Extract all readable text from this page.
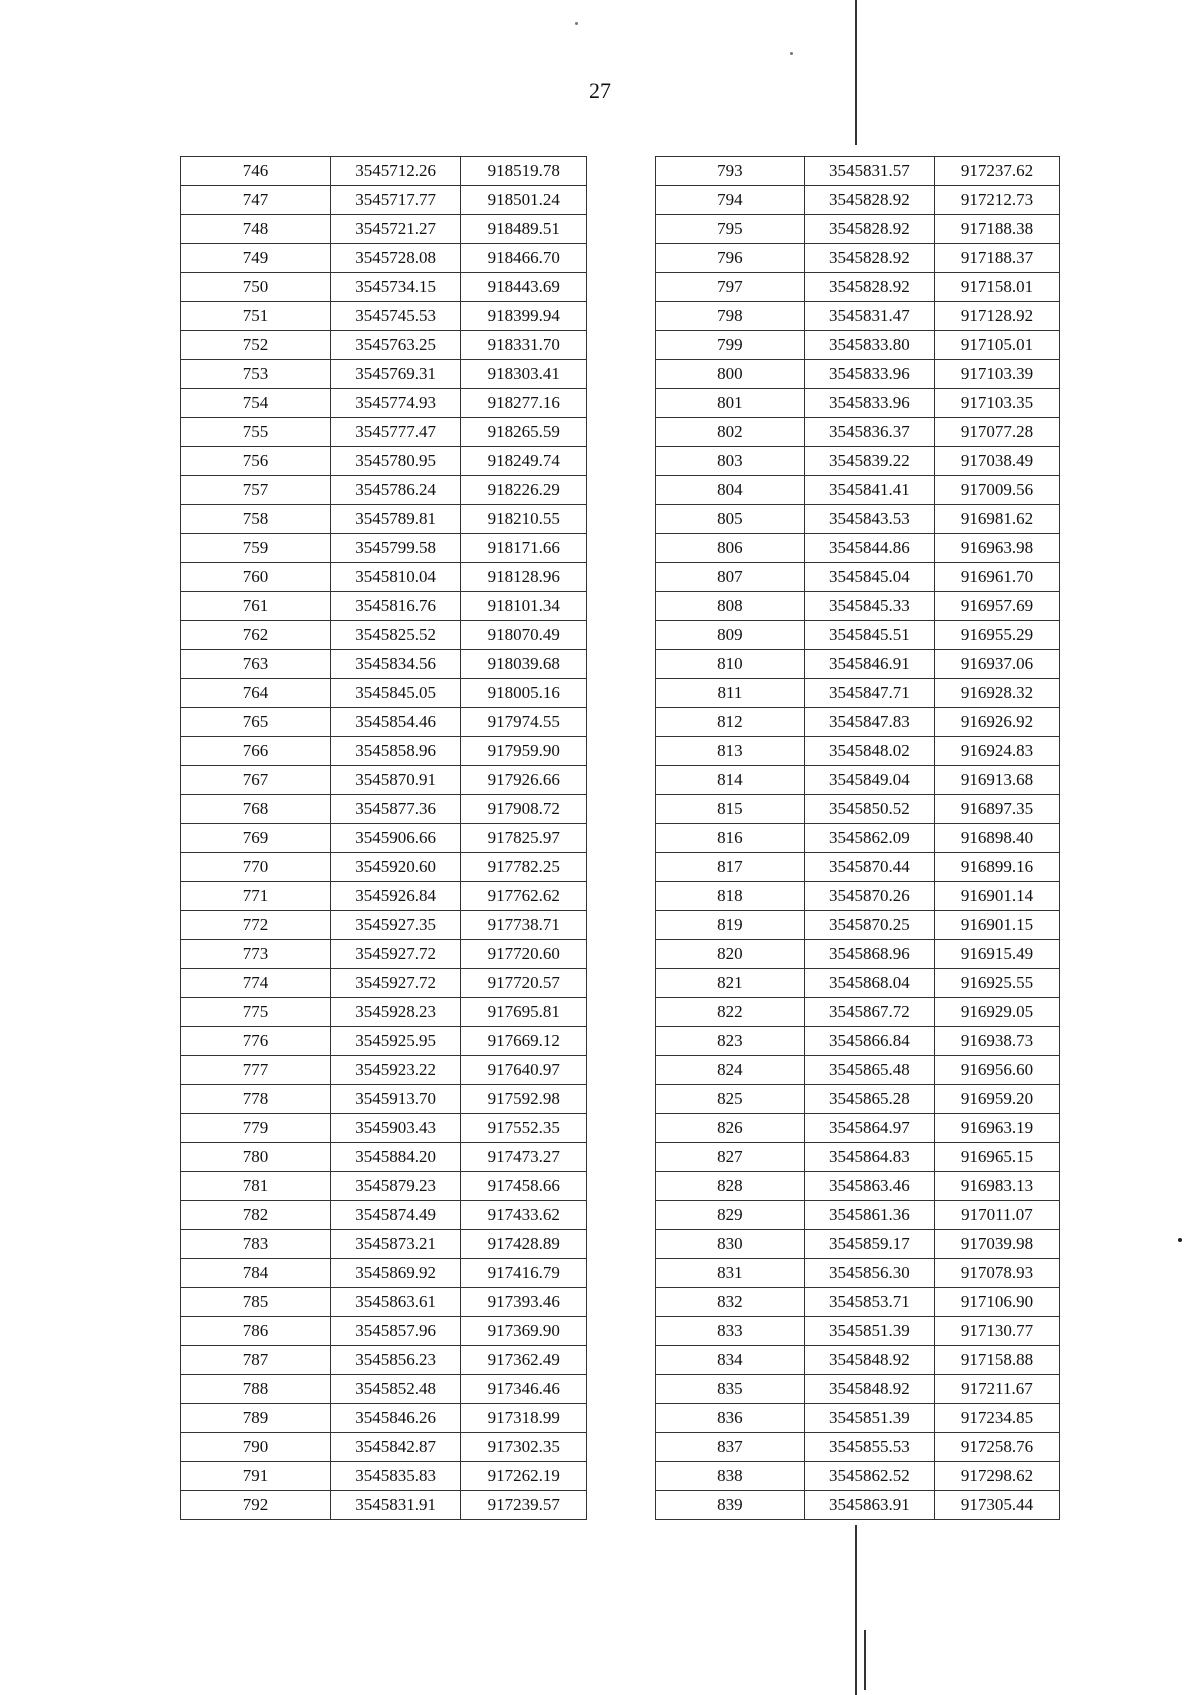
27
746	3545712.26	918519.78
747	3545717.77	918501.24
748	3545721.27	918489.51
749	3545728.08	918466.70
750	3545734.15	918443.69
751	3545745.53	918399.94
752	3545763.25	918331.70
753	3545769.31	918303.41
754	3545774.93	918277.16
755	3545777.47	918265.59
756	3545780.95	918249.74
757	3545786.24	918226.29
758	3545789.81	918210.55
759	3545799.58	918171.66
760	3545810.04	918128.96
761	3545816.76	918101.34
762	3545825.52	918070.49
763	3545834.56	918039.68
764	3545845.05	918005.16
765	3545854.46	917974.55
766	3545858.96	917959.90
767	3545870.91	917926.66
768	3545877.36	917908.72
769	3545906.66	917825.97
770	3545920.60	917782.25
771	3545926.84	917762.62
772	3545927.35	917738.71
773	3545927.72	917720.60
774	3545927.72	917720.57
775	3545928.23	917695.81
776	3545925.95	917669.12
777	3545923.22	917640.97
778	3545913.70	917592.98
779	3545903.43	917552.35
780	3545884.20	917473.27
781	3545879.23	917458.66
782	3545874.49	917433.62
783	3545873.21	917428.89
784	3545869.92	917416.79
785	3545863.61	917393.46
786	3545857.96	917369.90
787	3545856.23	917362.49
788	3545852.48	917346.46
789	3545846.26	917318.99
790	3545842.87	917302.35
791	3545835.83	917262.19
792	3545831.91	917239.57
793	3545831.57	917237.62
794	3545828.92	917212.73
795	3545828.92	917188.38
796	3545828.92	917188.37
797	3545828.92	917158.01
798	3545831.47	917128.92
799	3545833.80	917105.01
800	3545833.96	917103.39
801	3545833.96	917103.35
802	3545836.37	917077.28
803	3545839.22	917038.49
804	3545841.41	917009.56
805	3545843.53	916981.62
806	3545844.86	916963.98
807	3545845.04	916961.70
808	3545845.33	916957.69
809	3545845.51	916955.29
810	3545846.91	916937.06
811	3545847.71	916928.32
812	3545847.83	916926.92
813	3545848.02	916924.83
814	3545849.04	916913.68
815	3545850.52	916897.35
816	3545862.09	916898.40
817	3545870.44	916899.16
818	3545870.26	916901.14
819	3545870.25	916901.15
820	3545868.96	916915.49
821	3545868.04	916925.55
822	3545867.72	916929.05
823	3545866.84	916938.73
824	3545865.48	916956.60
825	3545865.28	916959.20
826	3545864.97	916963.19
827	3545864.83	916965.15
828	3545863.46	916983.13
829	3545861.36	917011.07
830	3545859.17	917039.98
831	3545856.30	917078.93
832	3545853.71	917106.90
833	3545851.39	917130.77
834	3545848.92	917158.88
835	3545848.92	917211.67
836	3545851.39	917234.85
837	3545855.53	917258.76
838	3545862.52	917298.62
839	3545863.91	917305.44
